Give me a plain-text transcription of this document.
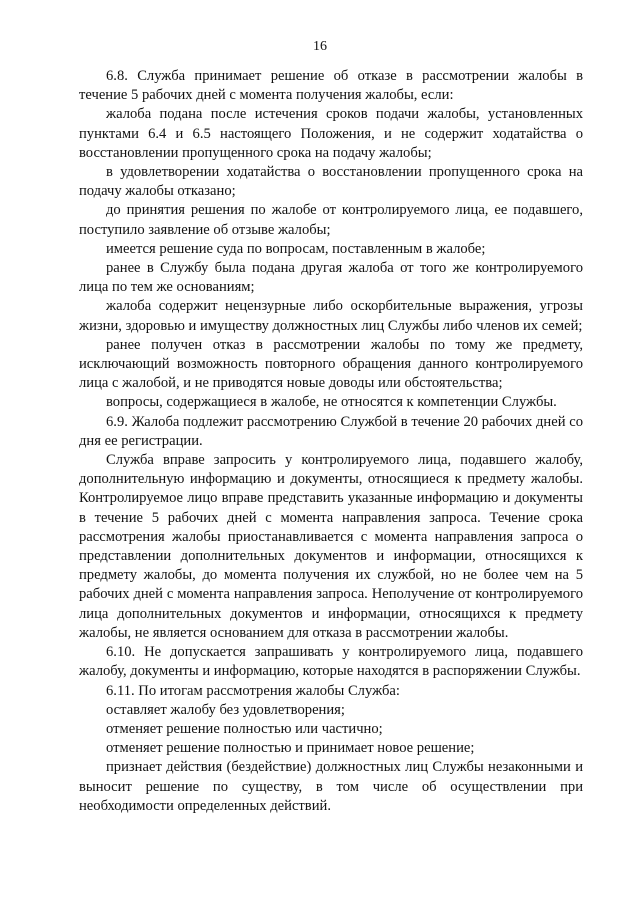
16

6.8. Служба принимает решение об отказе в рассмотрении жалобы в течение 5 рабочих дней с момента получения жалобы, если:

жалоба подана после истечения сроков подачи жалобы, установленных пунктами 6.4 и 6.5 настоящего Положения, и не содержит ходатайства о восстановлении пропущенного срока на подачу жалобы;

в удовлетворении ходатайства о восстановлении пропущенного срока на подачу жалобы отказано;

до принятия решения по жалобе от контролируемого лица, ее подавшего, поступило заявление об отзыве жалобы;

имеется решение суда по вопросам, поставленным в жалобе;

ранее в Службу была подана другая жалоба от того же контролируемого лица по тем же основаниям;

жалоба содержит нецензурные либо оскорбительные выражения, угрозы жизни, здоровью и имуществу должностных лиц Службы либо членов их семей;

ранее получен отказ в рассмотрении жалобы по тому же предмету, исключающий возможность повторного обращения данного контролируемого лица с жалобой, и не приводятся новые доводы или обстоятельства;

вопросы, содержащиеся в жалобе, не относятся к компетенции Службы.

6.9. Жалоба подлежит рассмотрению Службой в течение 20 рабочих дней со дня ее регистрации.

Служба вправе запросить у контролируемого лица, подавшего жалобу, дополнительную информацию и документы, относящиеся к предмету жалобы. Контролируемое лицо вправе представить указанные информацию и документы в течение 5 рабочих дней с момента направления запроса. Течение срока рассмотрения жалобы приостанавливается с момента направления запроса о представлении дополнительных документов и информации, относящихся к предмету жалобы, до момента получения их службой, но не более чем на 5 рабочих дней с момента направления запроса. Неполучение от контролируемого лица дополнительных документов и информации, относящихся к предмету жалобы, не является основанием для отказа в рассмотрении жалобы.

6.10. Не допускается запрашивать у контролируемого лица, подавшего жалобу, документы и информацию, которые находятся в распоряжении Службы.

6.11. По итогам рассмотрения жалобы Служба:

оставляет жалобу без удовлетворения;

отменяет решение полностью или частично;

отменяет решение полностью и принимает новое решение;

признает действия (бездействие) должностных лиц Службы незаконными и выносит решение по существу, в том числе об осуществлении при необходимости определенных действий.
